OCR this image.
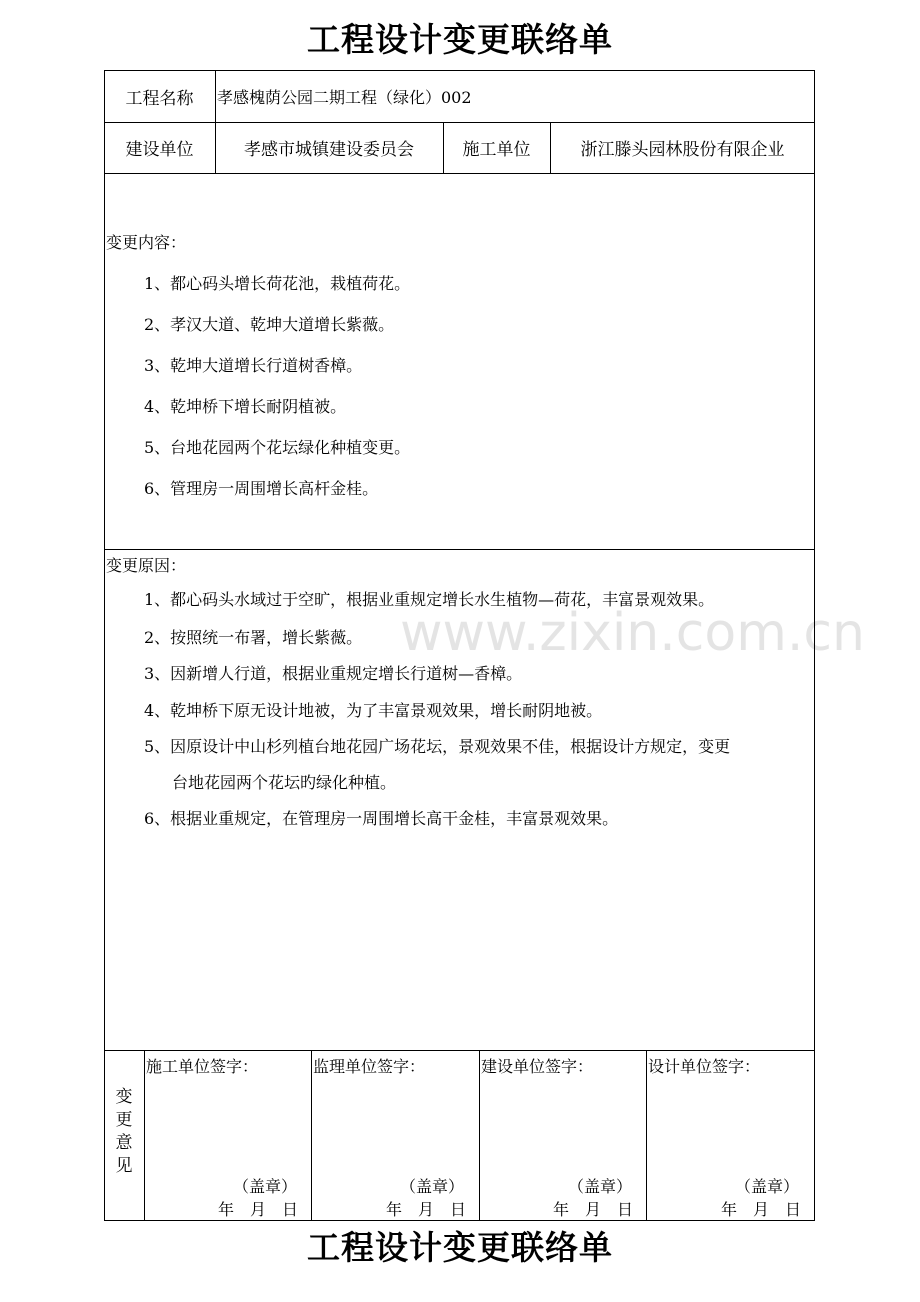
www.zixin.com.cn
工程设计变更联络单
工程名称	孝感槐荫公园二期工程（绿化）002
建设单位	孝感市城镇建设委员会	施工单位	浙江滕头园林股份有限企业
变更内容：
1、都心码头增长荷花池，栽植荷花。
2、孝汉大道、乾坤大道增长紫薇。
3、乾坤大道增长行道树香樟。
4、乾坤桥下增长耐阴植被。
5、台地花园两个花坛绿化种植变更。
6、管理房一周围增长高杆金桂。
变更原因：
1、都心码头水域过于空旷，根据业重规定增长水生植物—荷花，丰富景观效果。
2、按照统一布署，增长紫薇。
3、因新增人行道，根据业重规定增长行道树—香樟。
4、乾坤桥下原无设计地被，为了丰富景观效果，增长耐阴地被。
5、因原设计中山杉列植台地花园广场花坛，景观效果不佳，根据设计方规定，变更
台地花园两个花坛旳绿化种植。
6、根据业重规定，在管理房一周围增长高干金桂，丰富景观效果。
变更意见
施工单位签字：
（盖章）
年　月　日
监理单位签字：
（盖章）
年　月　日
建设单位签字：
（盖章）
年　月　日
设计单位签字：
（盖章）
年　月　日
工程设计变更联络单
